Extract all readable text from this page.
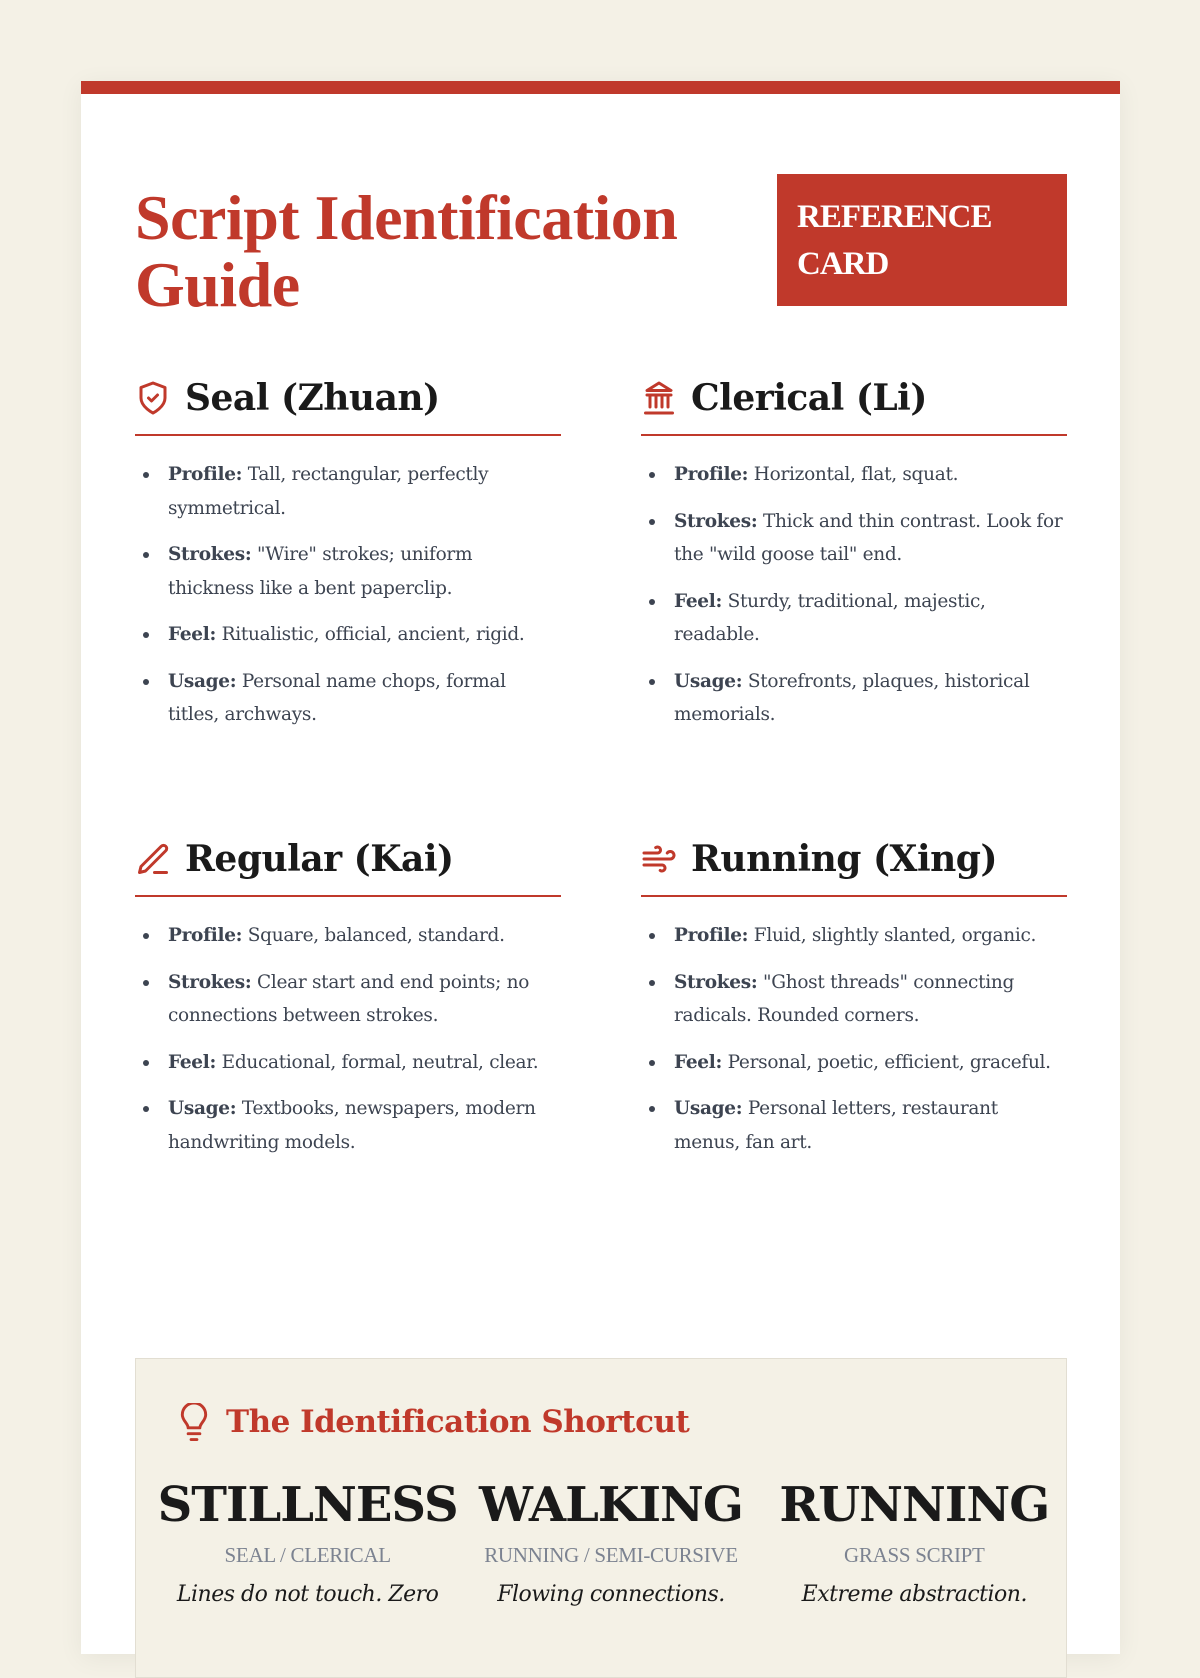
Script Identification Guide
REFERENCE CARD
Seal (Zhuan)
Profile: Tall, rectangular, perfectly symmetrical.
Strokes: "Wire" strokes; uniform thickness like a bent paperclip.
Feel: Ritualistic, official, ancient, rigid.
Usage: Personal name chops, formal titles, archways.
Clerical (Li)
Profile: Horizontal, flat, squat.
Strokes: Thick and thin contrast. Look for the "wild goose tail" end.
Feel: Sturdy, traditional, majestic, readable.
Usage: Storefronts, plaques, historical memorials.
Regular (Kai)
Profile: Square, balanced, standard.
Strokes: Clear start and end points; no connections between strokes.
Feel: Educational, formal, neutral, clear.
Usage: Textbooks, newspapers, modern handwriting models.
Running (Xing)
Profile: Fluid, slightly slanted, organic.
Strokes: "Ghost threads" connecting radicals. Rounded corners.
Feel: Personal, poetic, efficient, graceful.
Usage: Personal letters, restaurant menus, fan art.
The Identification Shortcut
STILLNESS
SEAL / CLERICAL
Lines do not touch. Zero
WALKING
RUNNING / SEMI-CURSIVE
Flowing connections.
RUNNING
GRASS SCRIPT
Extreme abstraction.
